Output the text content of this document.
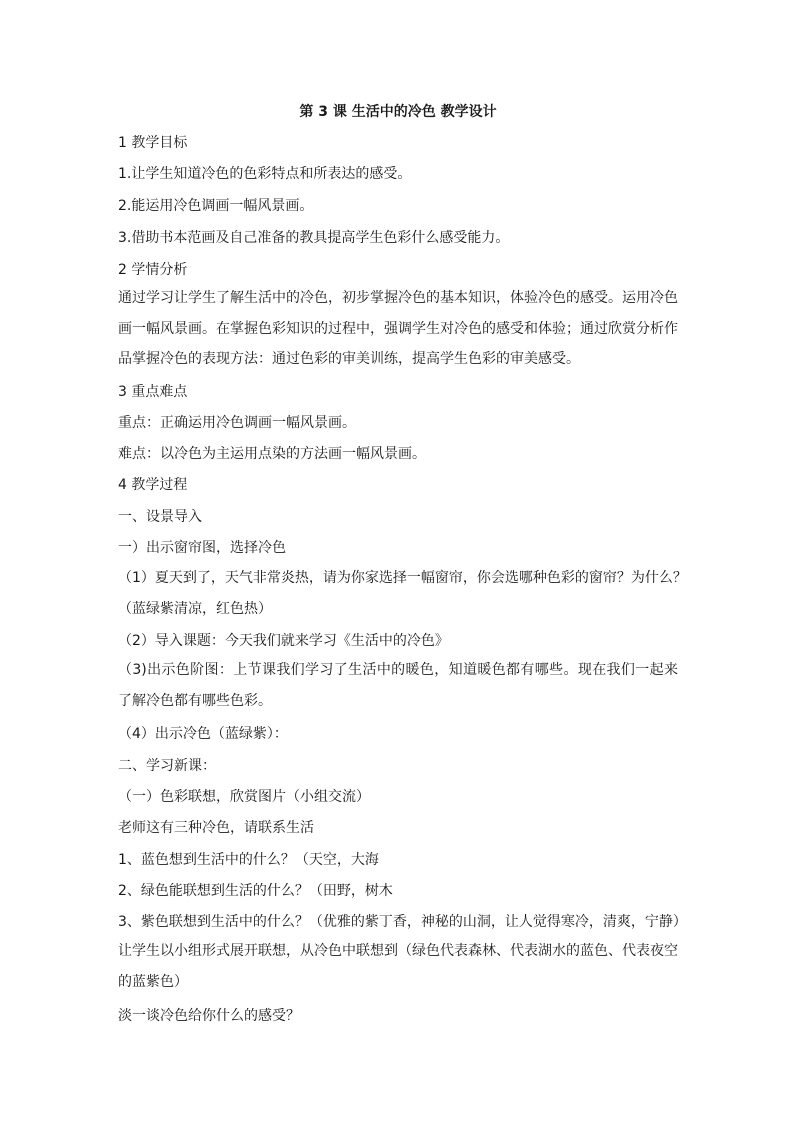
第 3 课 生活中的冷色 教学设计
1 教学目标
1.让学生知道冷色的色彩特点和所表达的感受。
2.能运用冷色调画一幅风景画。
3.借助书本范画及自己准备的教具提高学生色彩什么感受能力。
2 学情分析
通过学习让学生了解生活中的冷色，初步掌握冷色的基本知识，体验冷色的感受。运用冷色画一幅风景画。在掌握色彩知识的过程中，强调学生对冷色的感受和体验；通过欣赏分析作品掌握冷色的表现方法：通过色彩的审美训练，提高学生色彩的审美感受。
3 重点难点
重点：正确运用冷色调画一幅风景画。
难点：以冷色为主运用点染的方法画一幅风景画。
4 教学过程
一、设景导入
一）出示窗帘图，选择冷色
（1）夏天到了，天气非常炎热，请为你家选择一幅窗帘，你会选哪种色彩的窗帘？为什么？
（蓝绿紫清凉，红色热）
（2）导入课题：今天我们就来学习《生活中的冷色》
（3)出示色阶图：上节课我们学习了生活中的暖色，知道暖色都有哪些。现在我们一起来了解冷色都有哪些色彩。
（4）出示冷色（蓝绿紫）：
二、学习新课：
（一）色彩联想，欣赏图片（小组交流）
老师这有三种冷色，请联系生活
1、蓝色想到生活中的什么？（天空，大海
2、绿色能联想到生活的什么？（田野，树木
3、紫色联想到生活中的什么？（优雅的紫丁香，神秘的山洞，让人觉得寒冷，清爽，宁静）
让学生以小组形式展开联想，从冷色中联想到（绿色代表森林、代表湖水的蓝色、代表夜空的蓝紫色）
淡一谈冷色给你什么的感受？
